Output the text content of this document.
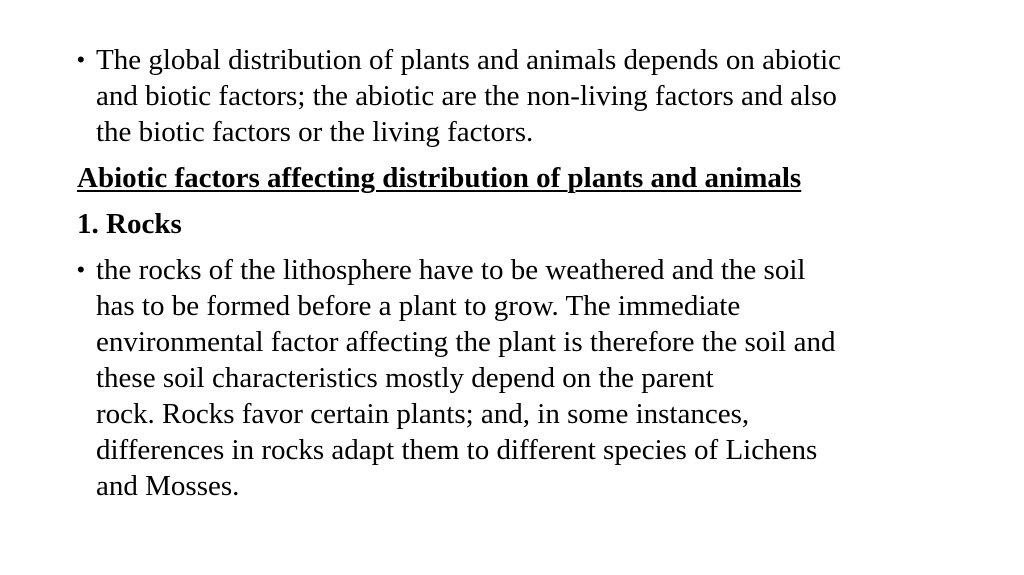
• The global distribution of plants and animals depends on abiotic
and biotic factors; the abiotic are the non-living factors and also
the biotic factors or the living factors.
Abiotic factors affecting distribution of plants and animals
1. Rocks
• the rocks of the lithosphere have to be weathered and the soil
has to be formed before a plant to grow. The immediate
environmental factor affecting the plant is therefore the soil and
these soil characteristics mostly depend on the parent
rock. Rocks favor certain plants; and, in some instances,
differences in rocks adapt them to different species of Lichens
and Mosses.
